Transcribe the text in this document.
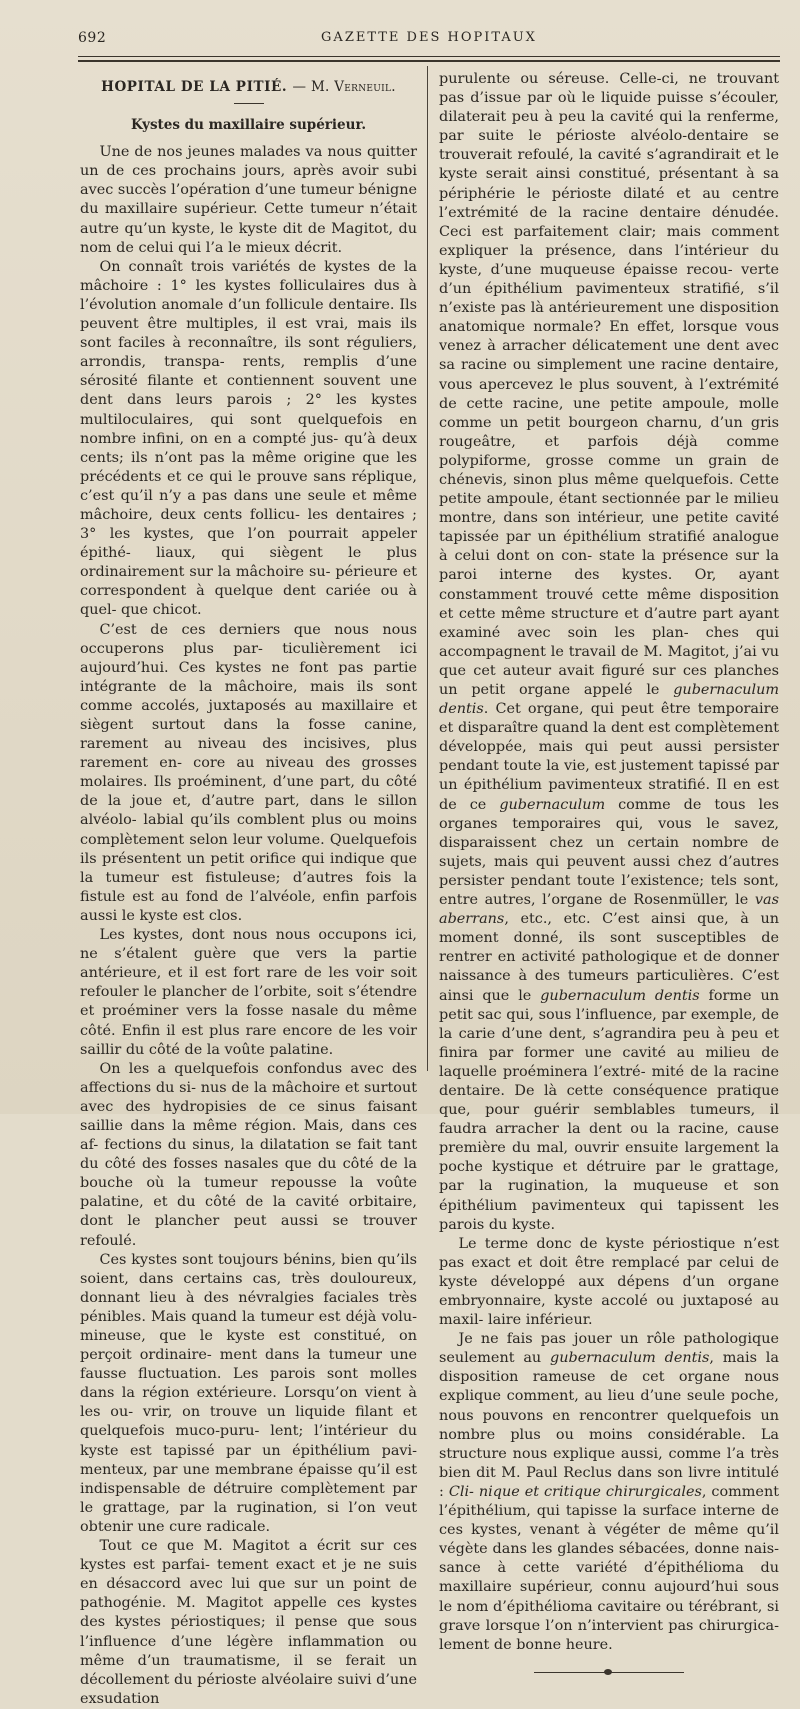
692	GAZETTE DES HOPITAUX
HOPITAL DE LA PITIÉ. — M. Verneuil.
Kystes du maxillaire supérieur.

Une de nos jeunes malades va nous quitter un de ces prochains jours, après avoir subi avec succès l’opération d’une tumeur bénigne du maxillaire supérieur. Cette tumeur n’était autre qu’un kyste, le kyste dit de Magitot, du nom de celui qui l’a le mieux décrit.

On connaît trois variétés de kystes de la mâchoire : 1° les kystes folliculaires dus à l’évolution anomale d’un follicule dentaire. Ils peuvent être multiples, il est vrai, mais ils sont faciles à reconnaître, ils sont réguliers, arrondis, transpa- rents, remplis d’une sérosité filante et contiennent souvent une dent dans leurs parois ; 2° les kystes multiloculaires, qui sont quelquefois en nombre infini, on en a compté jus- qu’à deux cents; ils n’ont pas la même origine que les précédents et ce qui le prouve sans réplique, c’est qu’il n’y a pas dans une seule et même mâchoire, deux cents follicu- les dentaires ; 3° les kystes, que l’on pourrait appeler épithé- liaux, qui siègent le plus ordinairement sur la mâchoire su- périeure et correspondent à quelque dent cariée ou à quel- que chicot.

C’est de ces derniers que nous nous occuperons plus par- ticulièrement ici aujourd’hui. Ces kystes ne font pas partie intégrante de la mâchoire, mais ils sont comme accolés, juxtaposés au maxillaire et siègent surtout dans la fosse canine, rarement au niveau des incisives, plus rarement en- core au niveau des grosses molaires. Ils proéminent, d’une part, du côté de la joue et, d’autre part, dans le sillon alvéolo- labial qu’ils comblent plus ou moins complètement selon leur volume. Quelquefois ils présentent un petit orifice qui indique que la tumeur est fistuleuse; d’autres fois la fistule est au fond de l’alvéole, enfin parfois aussi le kyste est clos.

Les kystes, dont nous nous occupons ici, ne s’étalent guère que vers la partie antérieure, et il est fort rare de les voir soit refouler le plancher de l’orbite, soit s’étendre et proéminer vers la fosse nasale du même côté. Enfin il est plus rare encore de les voir saillir du côté de la voûte palatine.

On les a quelquefois confondus avec des affections du si- nus de la mâchoire et surtout avec des hydropisies de ce sinus faisant saillie dans la même région. Mais, dans ces af- fections du sinus, la dilatation se fait tant du côté des fosses nasales que du côté de la bouche où la tumeur repousse la voûte palatine, et du côté de la cavité orbitaire, dont le plancher peut aussi se trouver refoulé.

Ces kystes sont toujours bénins, bien qu’ils soient, dans certains cas, très douloureux, donnant lieu à des névralgies faciales très pénibles. Mais quand la tumeur est déjà volu- mineuse, que le kyste est constitué, on perçoit ordinaire- ment dans la tumeur une fausse fluctuation. Les parois sont molles dans la région extérieure. Lorsqu’on vient à les ou- vrir, on trouve un liquide filant et quelquefois muco-puru- lent; l’intérieur du kyste est tapissé par un épithélium pavi- menteux, par une membrane épaisse qu’il est indispensable de détruire complètement par le grattage, par la rugination, si l’on veut obtenir une cure radicale.

Tout ce que M. Magitot a écrit sur ces kystes est parfai- tement exact et je ne suis en désaccord avec lui que sur un point de pathogénie. M. Magitot appelle ces kystes des kystes périostiques; il pense que sous l’influence d’une légère inflammation ou même d’un traumatisme, il se ferait un décollement du périoste alvéolaire suivi d’une exsudation

purulente ou séreuse. Celle-ci, ne trouvant pas d’issue par où le liquide puisse s’écouler, dilaterait peu à peu la cavité qui la renferme, par suite le périoste alvéolo-dentaire se trouverait refoulé, la cavité s’agrandirait et le kyste serait ainsi constitué, présentant à sa périphérie le périoste dilaté et au centre l’extrémité de la racine dentaire dénudée. Ceci est parfaitement clair; mais comment expliquer la présence, dans l’intérieur du kyste, d’une muqueuse épaisse recou- verte d’un épithélium pavimenteux stratifié, s’il n’existe pas là antérieurement une disposition anatomique normale? En effet, lorsque vous venez à arracher délicatement une dent avec sa racine ou simplement une racine dentaire, vous apercevez le plus souvent, à l’extrémité de cette racine, une petite ampoule, molle comme un petit bourgeon charnu, d’un gris rougeâtre, et parfois déjà comme polypiforme, grosse comme un grain de chénevis, sinon plus même quelquefois. Cette petite ampoule, étant sectionnée par le milieu montre, dans son intérieur, une petite cavité tapissée par un épithélium stratifié analogue à celui dont on con- state la présence sur la paroi interne des kystes. Or, ayant constamment trouvé cette même disposition et cette même structure et d’autre part ayant examiné avec soin les plan- ches qui accompagnent le travail de M. Magitot, j’ai vu que cet auteur avait figuré sur ces planches un petit organe appelé le gubernaculum dentis. Cet organe, qui peut être temporaire et disparaître quand la dent est complètement développée, mais qui peut aussi persister pendant toute la vie, est justement tapissé par un épithélium pavimenteux stratifié. Il en est de ce gubernaculum comme de tous les organes temporaires qui, vous le savez, disparaissent chez un certain nombre de sujets, mais qui peuvent aussi chez d’autres persister pendant toute l’existence; tels sont, entre autres, l’organe de Rosenmüller, le vas aberrans, etc., etc. C’est ainsi que, à un moment donné, ils sont susceptibles de rentrer en activité pathologique et de donner naissance à des tumeurs particulières. C’est ainsi que le gubernaculum dentis forme un petit sac qui, sous l’influence, par exemple, de la carie d’une dent, s’agrandira peu à peu et finira par former une cavité au milieu de laquelle proéminera l’extré- mité de la racine dentaire. De là cette conséquence pratique que, pour guérir semblables tumeurs, il faudra arracher la dent ou la racine, cause première du mal, ouvrir ensuite largement la poche kystique et détruire par le grattage, par la rugination, la muqueuse et son épithélium pavimenteux qui tapissent les parois du kyste.

Le terme donc de kyste périostique n’est pas exact et doit être remplacé par celui de kyste développé aux dépens d’un organe embryonnaire, kyste accolé ou juxtaposé au maxil- laire inférieur.

Je ne fais pas jouer un rôle pathologique seulement au gubernaculum dentis, mais la disposition rameuse de cet organe nous explique comment, au lieu d’une seule poche, nous pouvons en rencontrer quelquefois un nombre plus ou moins considérable. La structure nous explique aussi, comme l’a très bien dit M. Paul Reclus dans son livre intitulé : Cli- nique et critique chirurgicales, comment l’épithélium, qui tapisse la surface interne de ces kystes, venant à végéter de même qu’il végète dans les glandes sébacées, donne nais- sance à cette variété d’épithélioma du maxillaire supérieur, connu aujourd’hui sous le nom d’épithélioma cavitaire ou térébrant, si grave lorsque l’on n’intervient pas chirurgica- lement de bonne heure.
